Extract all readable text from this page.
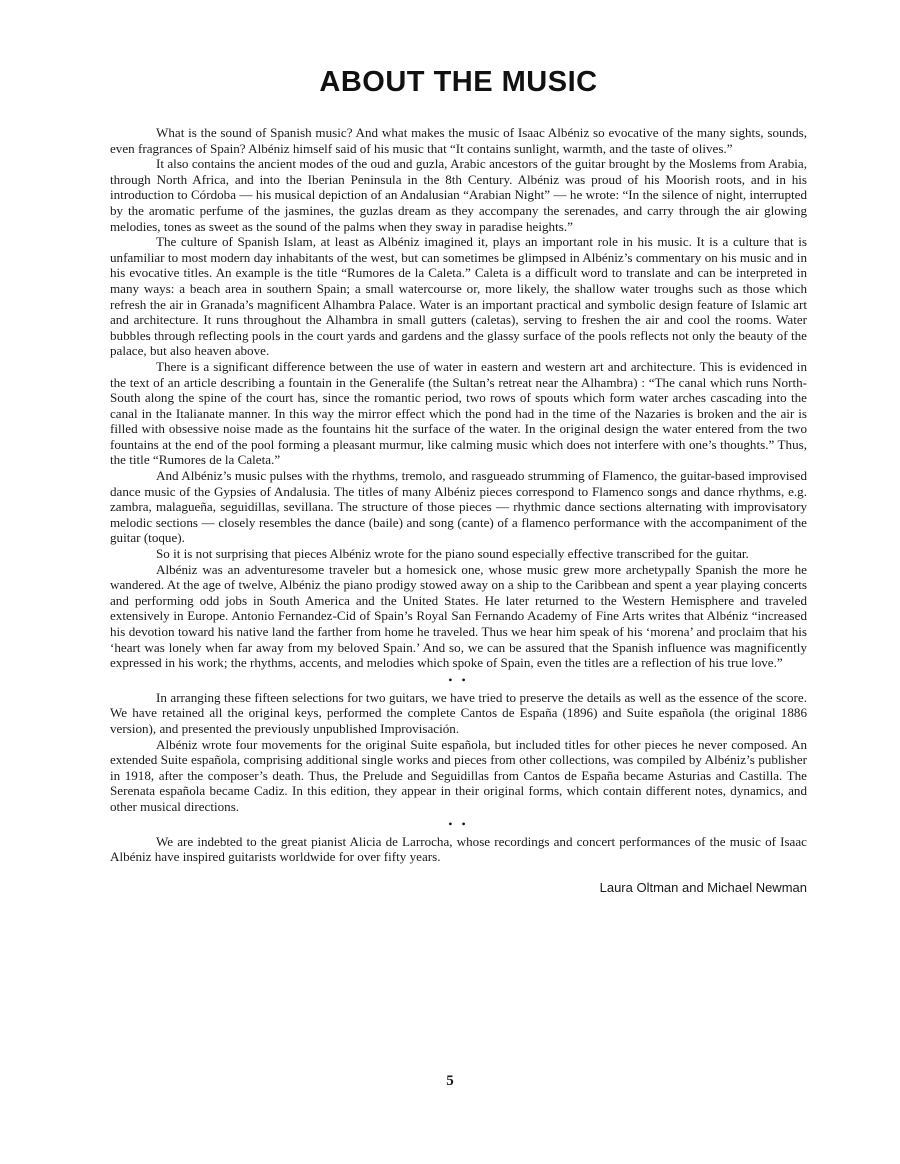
ABOUT THE MUSIC

What is the sound of Spanish music? And what makes the music of Isaac Albéniz so evocative of the many sights, sounds, even fragrances of Spain? Albéniz himself said of his music that “It contains sunlight, warmth, and the taste of olives.”

It also contains the ancient modes of the oud and guzla, Arabic ancestors of the guitar brought by the Moslems from Arabia, through North Africa, and into the Iberian Peninsula in the 8th Century. Albéniz was proud of his Moorish roots, and in his introduction to Córdoba — his musical depiction of an Andalusian “Arabian Night” — he wrote: “In the silence of night, interrupted by the aromatic perfume of the jasmines, the guzlas dream as they accompany the serenades, and carry through the air glowing melodies, tones as sweet as the sound of the palms when they sway in paradise heights.”

The culture of Spanish Islam, at least as Albéniz imagined it, plays an important role in his music. It is a culture that is unfamiliar to most modern day inhabitants of the west, but can sometimes be glimpsed in Albéniz’s commentary on his music and in his evocative titles. An example is the title “Rumores de la Caleta.” Caleta is a difficult word to translate and can be interpreted in many ways: a beach area in southern Spain; a small watercourse or, more likely, the shallow water troughs such as those which refresh the air in Granada’s magnificent Alhambra Palace. Water is an important practical and symbolic design feature of Islamic art and architecture. It runs throughout the Alhambra in small gutters (caletas), serving to freshen the air and cool the rooms. Water bubbles through reflecting pools in the court yards and gardens and the glassy surface of the pools reflects not only the beauty of the palace, but also heaven above.

There is a significant difference between the use of water in eastern and western art and architecture. This is evidenced in the text of an article describing a fountain in the Generalife (the Sultan’s retreat near the Alhambra) : “The canal which runs North-South along the spine of the court has, since the romantic period, two rows of spouts which form water arches cascading into the canal in the Italianate manner. In this way the mirror effect which the pond had in the time of the Nazaries is broken and the air is filled with obsessive noise made as the fountains hit the surface of the water. In the original design the water entered from the two fountains at the end of the pool forming a pleasant murmur, like calming music which does not interfere with one’s thoughts.” Thus, the title “Rumores de la Caleta.”

And Albéniz’s music pulses with the rhythms, tremolo, and rasgueado strumming of Flamenco, the guitar-based improvised dance music of the Gypsies of Andalusia. The titles of many Albéniz pieces correspond to Flamenco songs and dance rhythms, e.g. zambra, malagueña, seguidillas, sevillana. The structure of those pieces — rhythmic dance sections alternating with improvisatory melodic sections — closely resembles the dance (baile) and song (cante) of a flamenco performance with the accompaniment of the guitar (toque).

So it is not surprising that pieces Albéniz wrote for the piano sound especially effective transcribed for the guitar.

Albéniz was an adventuresome traveler but a homesick one, whose music grew more archetypally Spanish the more he wandered. At the age of twelve, Albéniz the piano prodigy stowed away on a ship to the Caribbean and spent a year playing concerts and performing odd jobs in South America and the United States. He later returned to the Western Hemisphere and traveled extensively in Europe. Antonio Fernandez-Cid of Spain’s Royal San Fernando Academy of Fine Arts writes that Albéniz “increased his devotion toward his native land the farther from home he traveled. Thus we hear him speak of his ‘morena’ and proclaim that his ‘heart was lonely when far away from my beloved Spain.’ And so, we can be assured that the Spanish influence was magnificently expressed in his work; the rhythms, accents, and melodies which spoke of Spain, even the titles are a reflection of his true love.”

• •

In arranging these fifteen selections for two guitars, we have tried to preserve the details as well as the essence of the score. We have retained all the original keys, performed the complete Cantos de España (1896) and Suite española (the original 1886 version), and presented the previously unpublished Improvisación.

Albéniz wrote four movements for the original Suite española, but included titles for other pieces he never composed. An extended Suite española, comprising additional single works and pieces from other collections, was compiled by Albéniz’s publisher in 1918, after the composer’s death. Thus, the Prelude and Seguidillas from Cantos de España became Asturias and Castilla. The Serenata española became Cadiz. In this edition, they appear in their original forms, which contain different notes, dynamics, and other musical directions.

• •

We are indebted to the great pianist Alicia de Larrocha, whose recordings and concert performances of the music of Isaac Albéniz have inspired guitarists worldwide for over fifty years.

Laura Oltman and Michael Newman
5
